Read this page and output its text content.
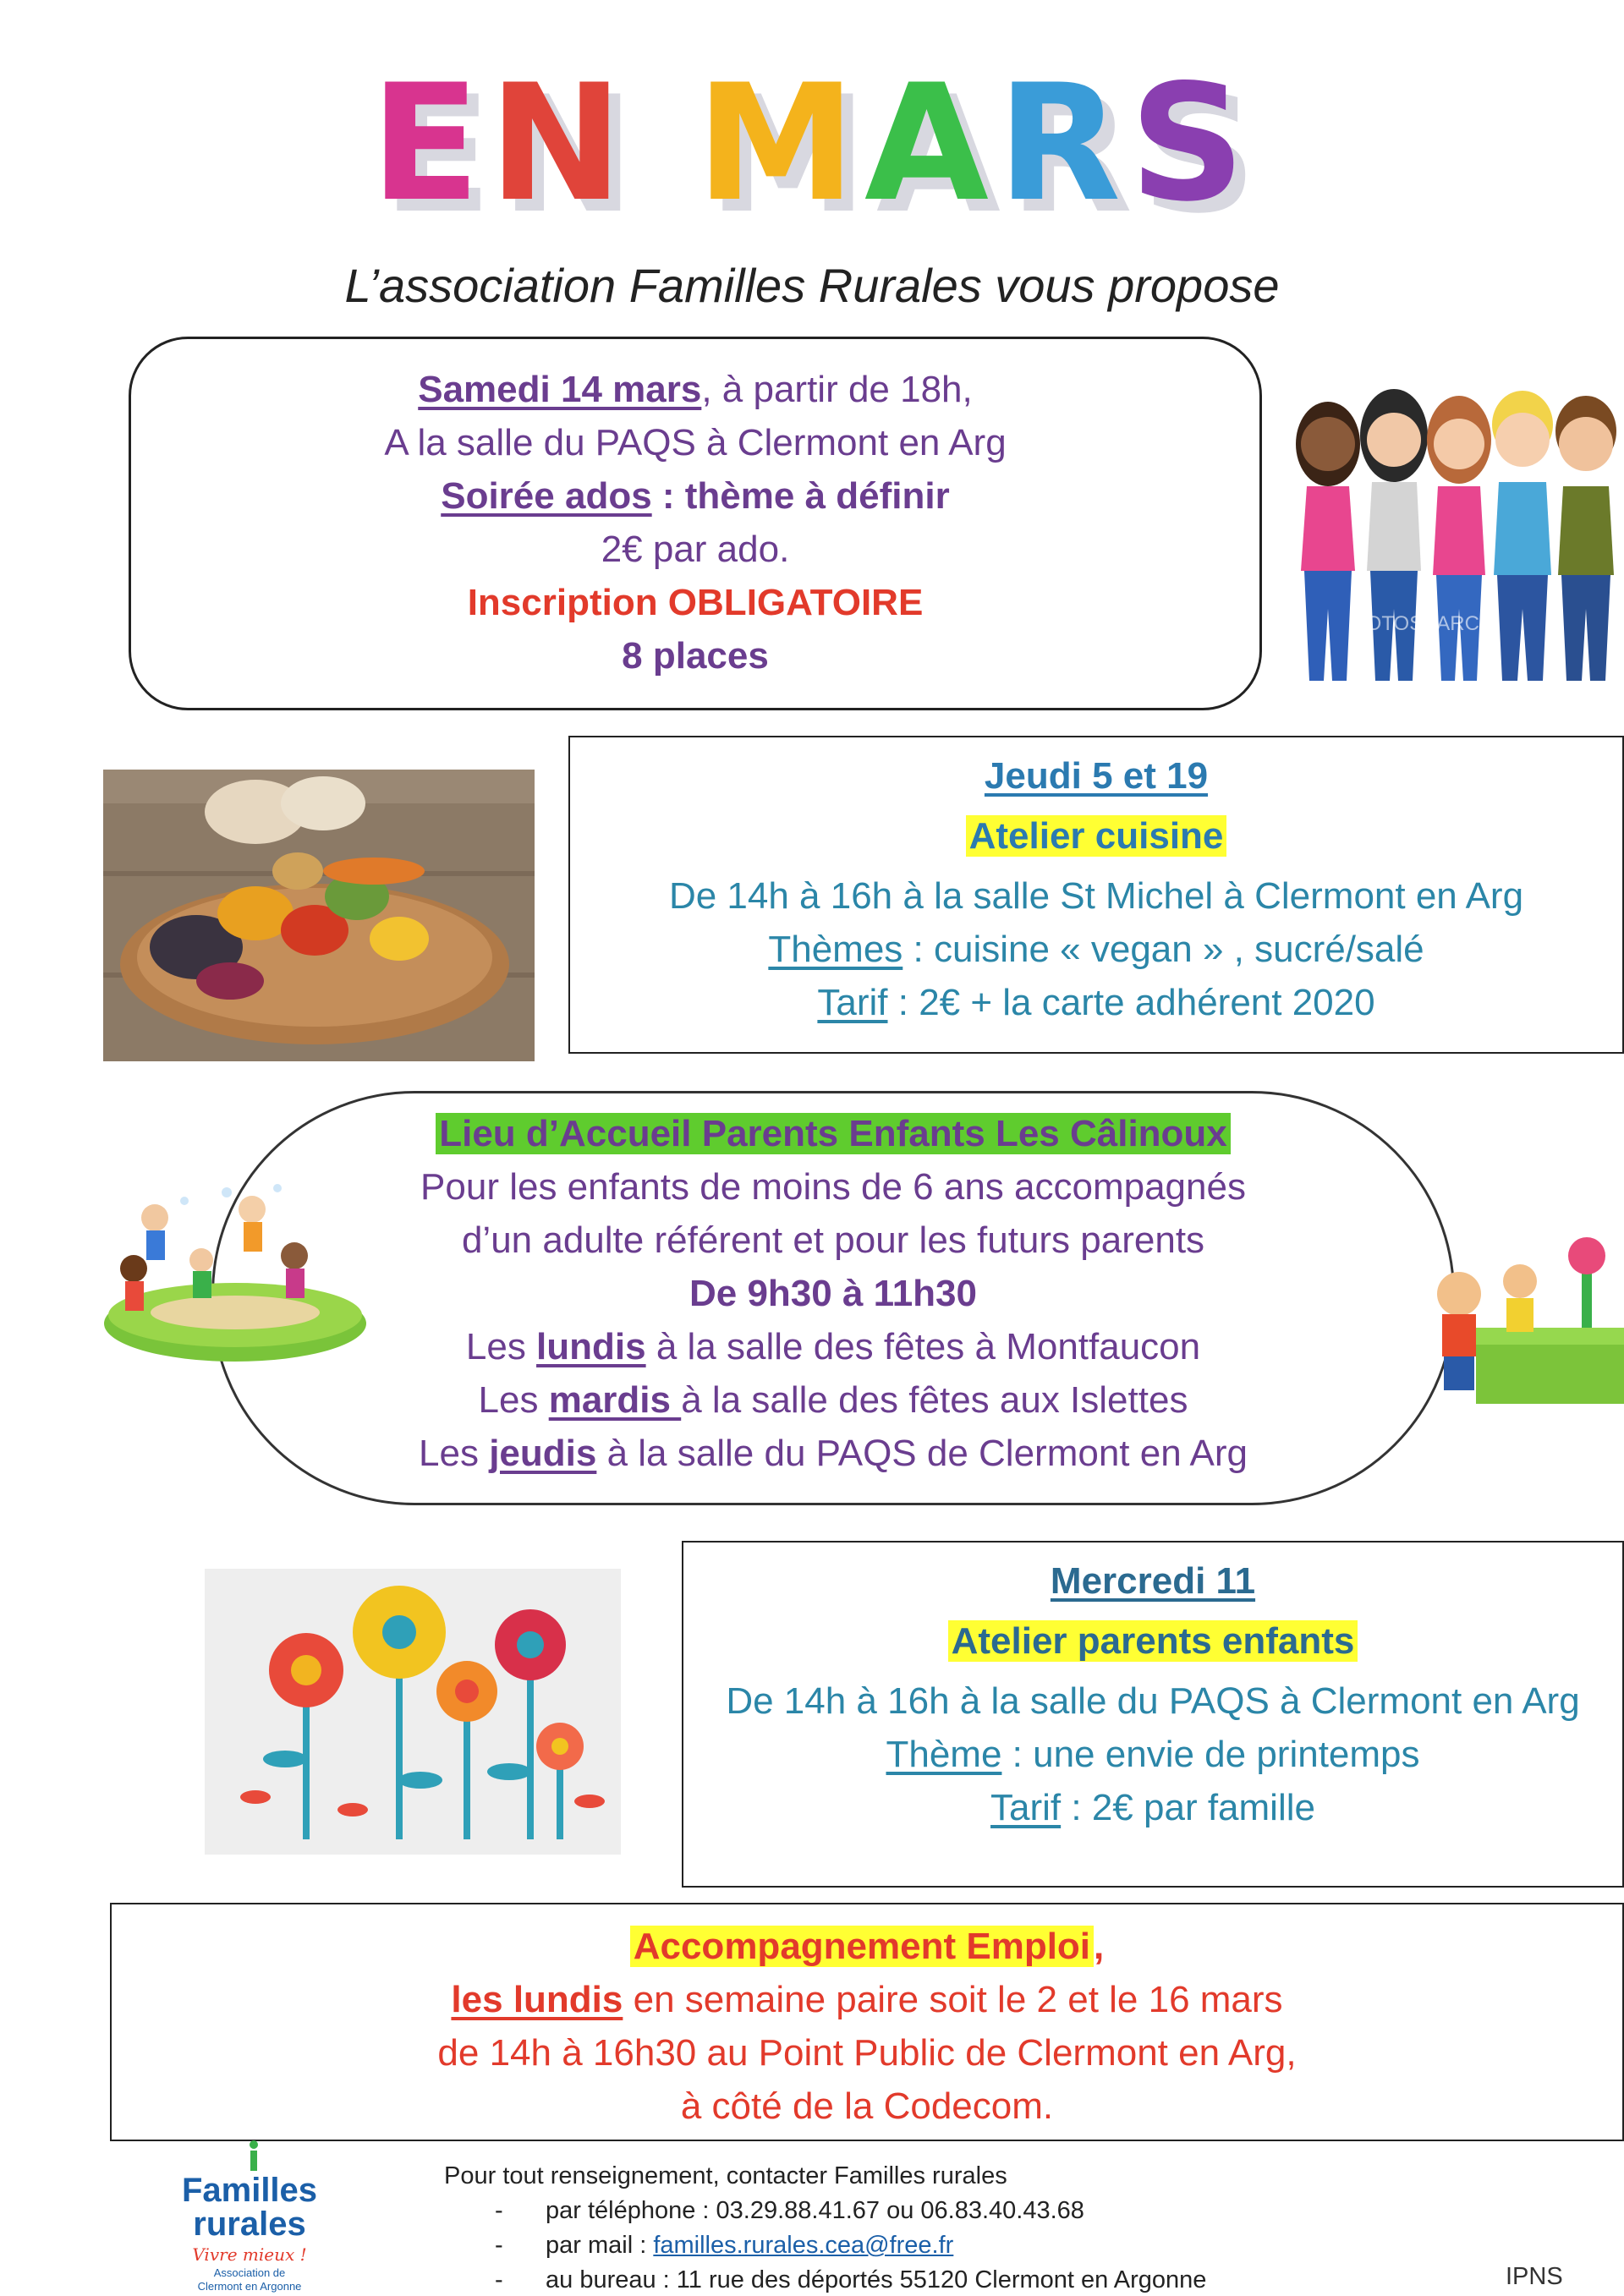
EN MARS
L’association Familles Rurales vous propose
Samedi 14 mars, à partir de 18h,
A la salle du PAQS à Clermont en Arg
Soirée ados : thème à définir
2€ par ado.
Inscription OBLIGATOIRE
8 places
FOTOSEARCH
Jeudi 5 et 19
Atelier cuisine
De 14h à 16h à la salle St Michel à Clermont en Arg
Thèmes : cuisine « vegan » , sucré/salé
Tarif : 2€ + la carte adhérent 2020
Lieu d’Accueil Parents Enfants Les Câlinoux
Pour les enfants de moins de 6 ans accompagnés
d’un adulte référent et pour les futurs parents
De 9h30 à 11h30
Les lundis à la salle des fêtes à Montfaucon
Les mardis à la salle des fêtes aux Islettes
Les jeudis à la salle du PAQS de Clermont en Arg
Mercredi 11
Atelier parents enfants
De 14h à 16h à la salle du PAQS à Clermont en Arg
Thème : une envie de printemps
Tarif : 2€ par famille
Accompagnement Emploi,
les lundis en semaine paire soit le 2 et le 16 mars
de 14h à 16h30 au Point Public de Clermont en Arg,
à côté de la Codecom.
Familles
rurales
Vivre mieux !
Association de
Clermont en Argonne
Pour tout renseignement, contacter Familles rurales
- par téléphone : 03.29.88.41.67 ou 06.83.40.43.68
- par mail : familles.rurales.cea@free.fr
- au bureau : 11 rue des déportés 55120 Clermont en Argonne	IPNS
